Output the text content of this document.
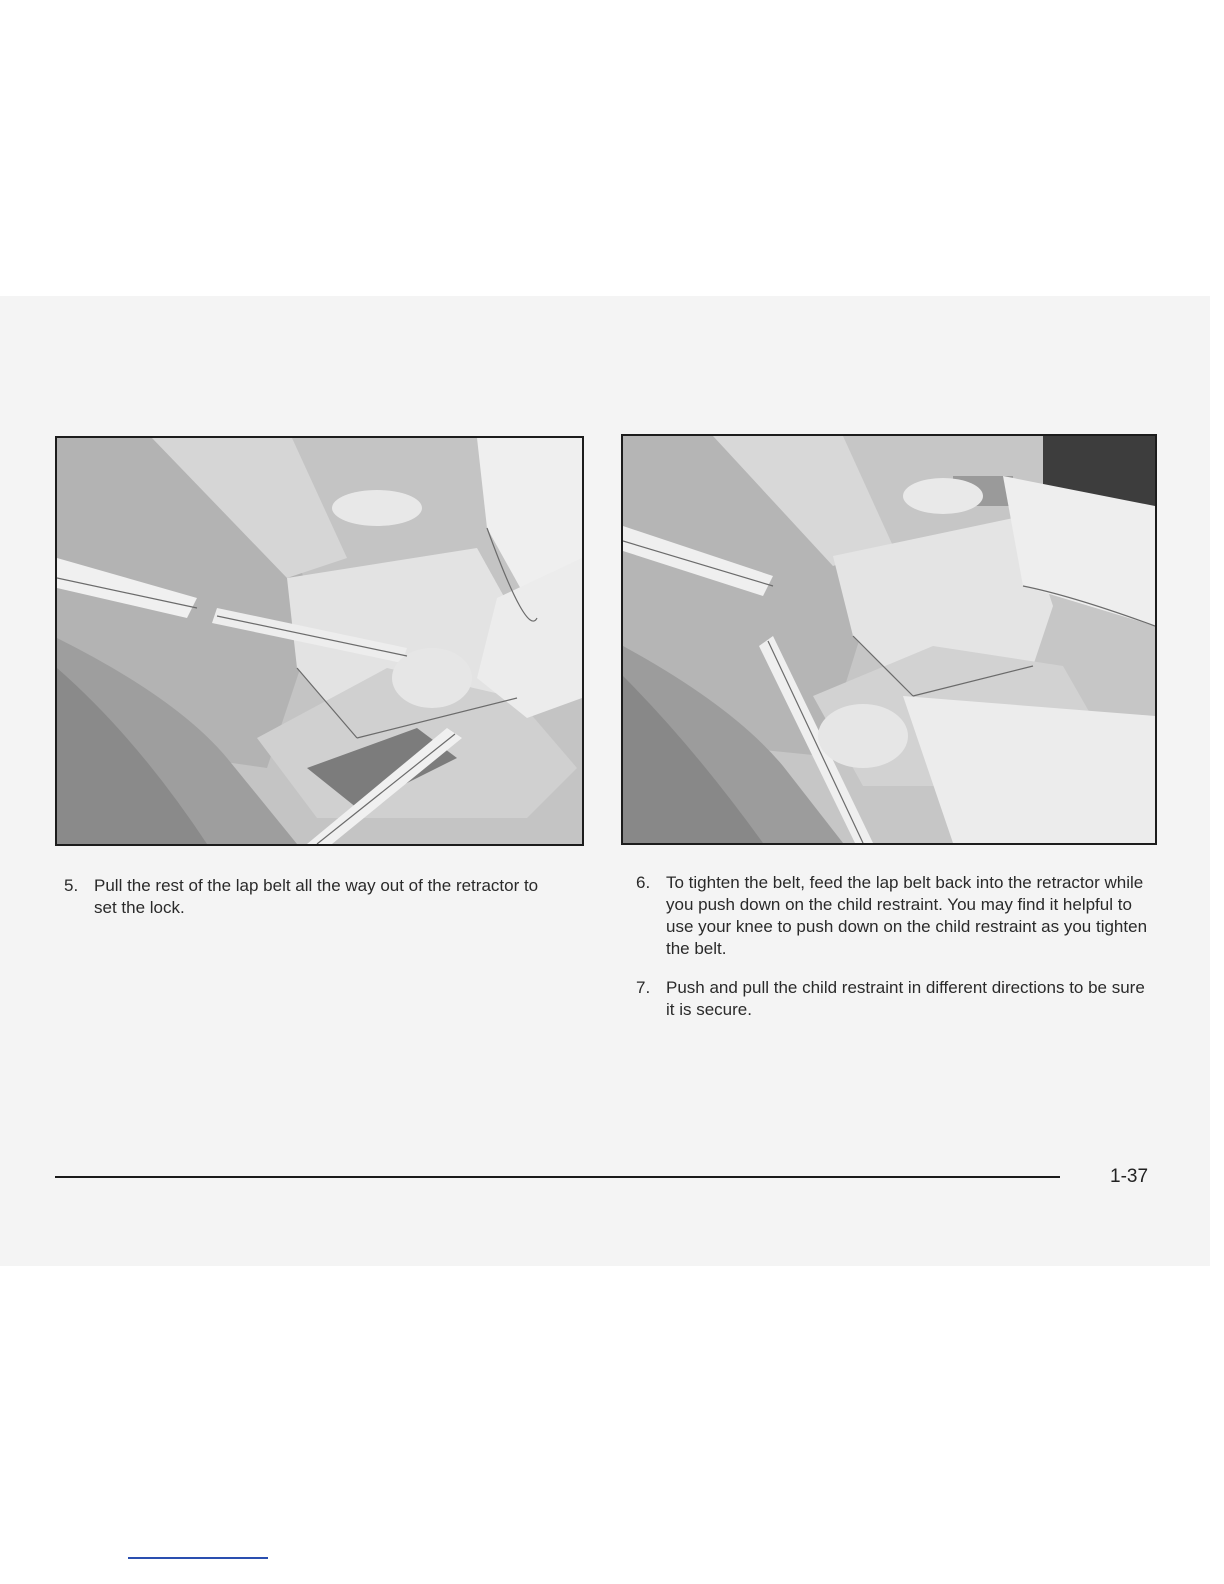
5. Pull the rest of the lap belt all the way out of the retractor to set the lock.

6. To tighten the belt, feed the lap belt back into the retractor while you push down on the child restraint. You may find it helpful to use your knee to push down on the child restraint as you tighten the belt.

7. Push and pull the child restraint in different directions to be sure it is secure.

1-37
